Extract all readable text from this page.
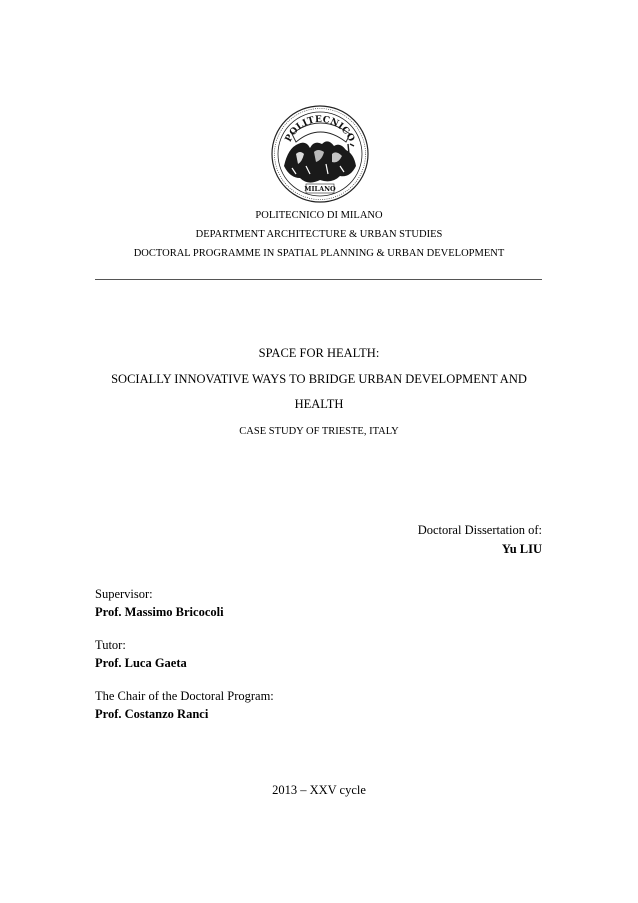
POLITECNICO
MILANO
POLITECNICO DI MILANO
DEPARTMENT ARCHITECTURE & URBAN STUDIES
DOCTORAL PROGRAMME IN SPATIAL PLANNING & URBAN DEVELOPMENT
SPACE FOR HEALTH:
SOCIALLY INNOVATIVE WAYS TO BRIDGE URBAN DEVELOPMENT AND
HEALTH
CASE STUDY OF TRIESTE, ITALY
Doctoral Dissertation of:
Yu LIU
Supervisor:
Prof. Massimo Bricocoli
Tutor:
Prof. Luca Gaeta
The Chair of the Doctoral Program:
Prof. Costanzo Ranci
2013 – XXV cycle
